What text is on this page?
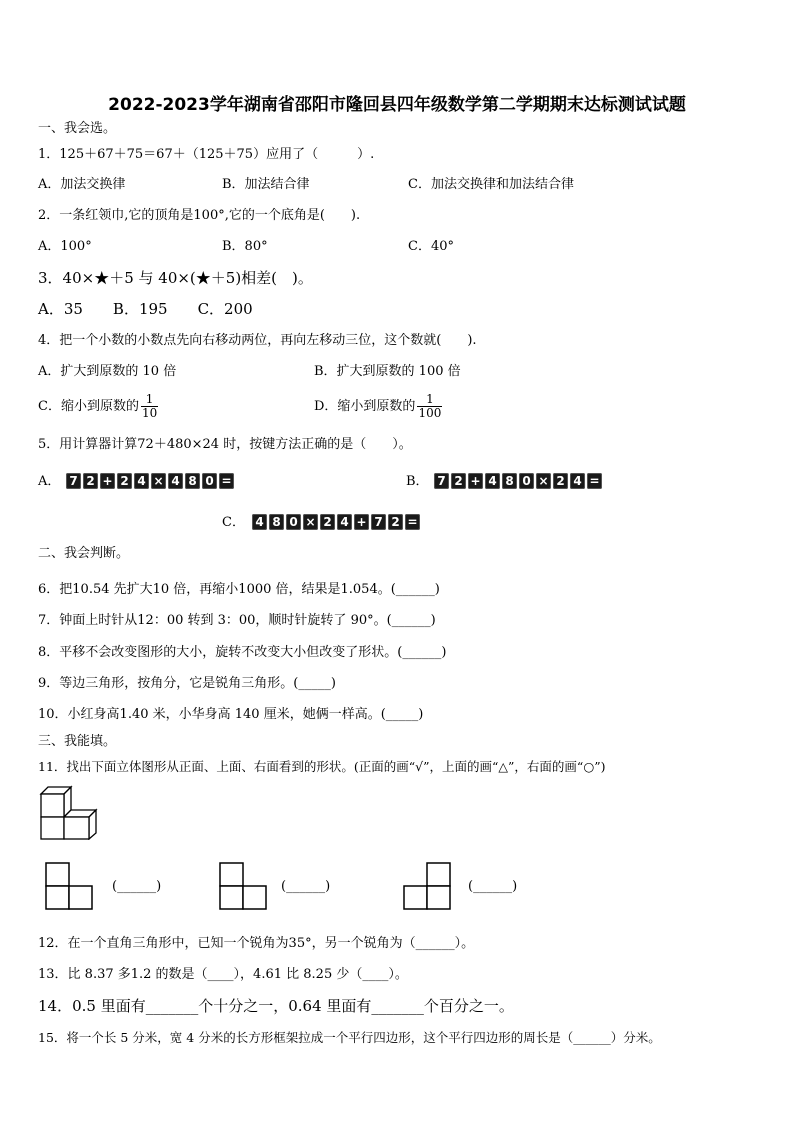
2022-2023学年湖南省邵阳市隆回县四年级数学第二学期期末达标测试试题
一、我会选。
1．125＋67＋75＝67＋（125＋75）应用了（　　　）.
A．加法交换律	B．加法结合律	C．加法交换律和加法结合律
2．一条红领巾,它的顶角是100°,它的一个底角是(　　).
A．100°	B．80°	C．40°
3．40×★＋5 与 40×(★＋5)相差(　)。
A．35　　B．195　　C．200
4．把一个小数的小数点先向右移动两位，再向左移动三位，这个数就(　　).
A．扩大到原数的 10 倍	B．扩大到原数的 100 倍
C．缩小到原数的 $\frac{1}{10}$	D．缩小到原数的 $\frac{1}{100}$
5．用计算器计算72＋480×24 时，按键方法正确的是（　　）。
A． 7 2 + 2 4 × 4 8 0 =	B． 7 2 + 4 8 0 × 2 4 =
C． 4 8 0 × 2 4 + 7 2 =
二、我会判断。
6．把10.54 先扩大10 倍，再缩小1000 倍，结果是1.054。(______)
7．钟面上时针从12：00 转到 3：00，顺时针旋转了 90°。(______)
8．平移不会改变图形的大小，旋转不改变大小但改变了形状。(______)
9．等边三角形，按角分，它是锐角三角形。(_____)
10．小红身高1.40 米，小华身高 140 厘米，她俩一样高。(_____)
三、我能填。
11．找出下面立体图形从正面、上面、右面看到的形状。(正面的画“√”，上面的画“△”，右面的画“○”)
(______)	(______)	(______)
12．在一个直角三角形中，已知一个锐角为35°，另一个锐角为（______）。
13．比 8.37 多1.2 的数是（____），4.61 比 8.25 少（____）。
14．0.5 里面有_______个十分之一，0.64 里面有_______个百分之一。
15．将一个长 5 分米，宽 4 分米的长方形框架拉成一个平行四边形，这个平行四边形的周长是（______）分米。
